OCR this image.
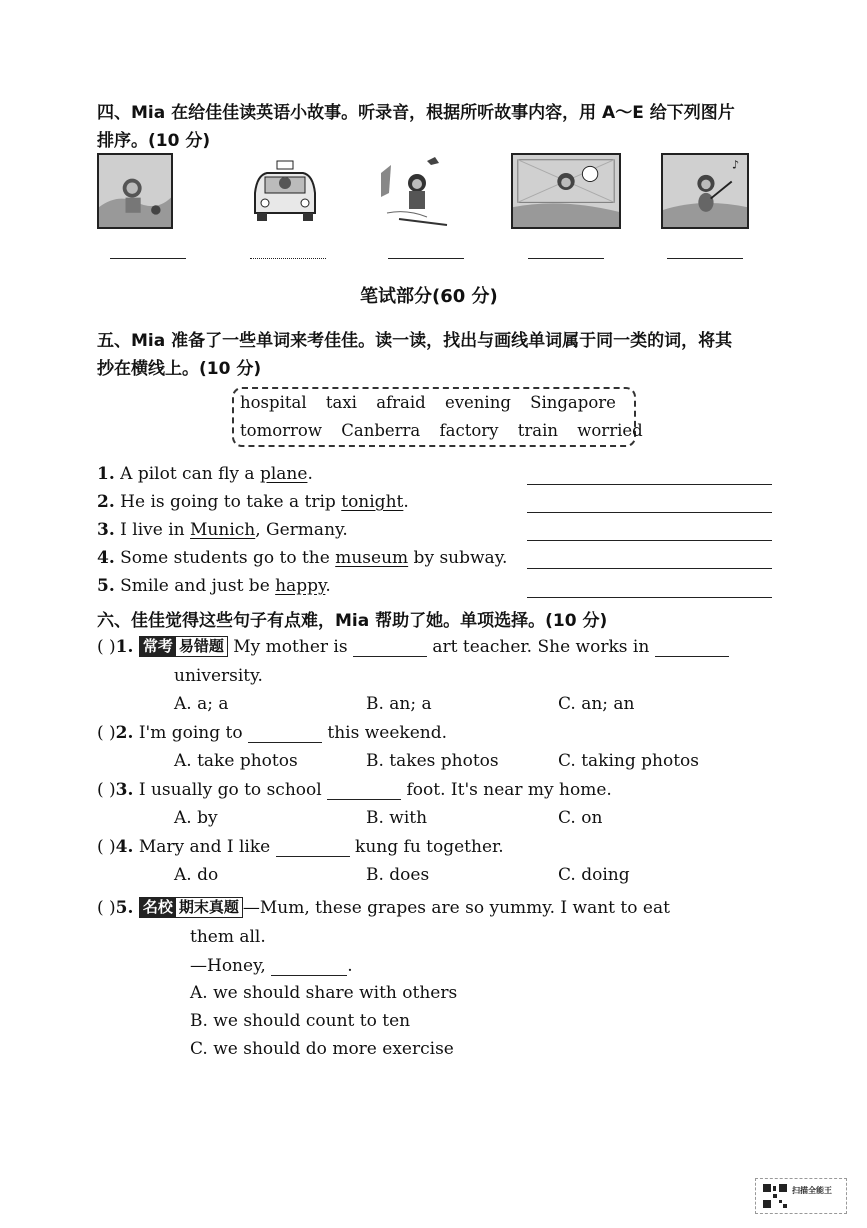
四、Mia 在给佳佳读英语小故事。听录音，根据所听故事内容，用 A～E 给下列图片
排序。(10 分)
♪
笔试部分(60 分)
五、Mia 准备了一些单词来考佳佳。读一读，找出与画线单词属于同一类的词，将其
抄在横线上。(10 分)
hospital taxi afraid evening Singapore
tomorrow Canberra factory train worried
1. A pilot can fly a plane.
2. He is going to take a trip tonight.
3. I live in Munich, Germany.
4. Some students go to the museum by subway.
5. Smile and just be happy.
六、佳佳觉得这些句子有点难，Mia 帮助了她。单项选择。(10 分)
( )1. 常考 易错题 My mother is	art teacher. She works in
university.
A. a; a	B. an; a	C. an; an
( )2. I'm going to	this weekend.
A. take photos	B. takes photos	C. taking photos
( )3. I usually go to school	foot. It's near my home.
A. by	B. with	C. on
( )4. Mary and I like	kung fu together.
A. do	B. does	C. doing
( )5. 名校 期末真题 —Mum, these grapes are so yummy. I want to eat
them all.
—Honey,	.
A. we should share with others
B. we should count to ten
C. we should do more exercise
扫描全能王
